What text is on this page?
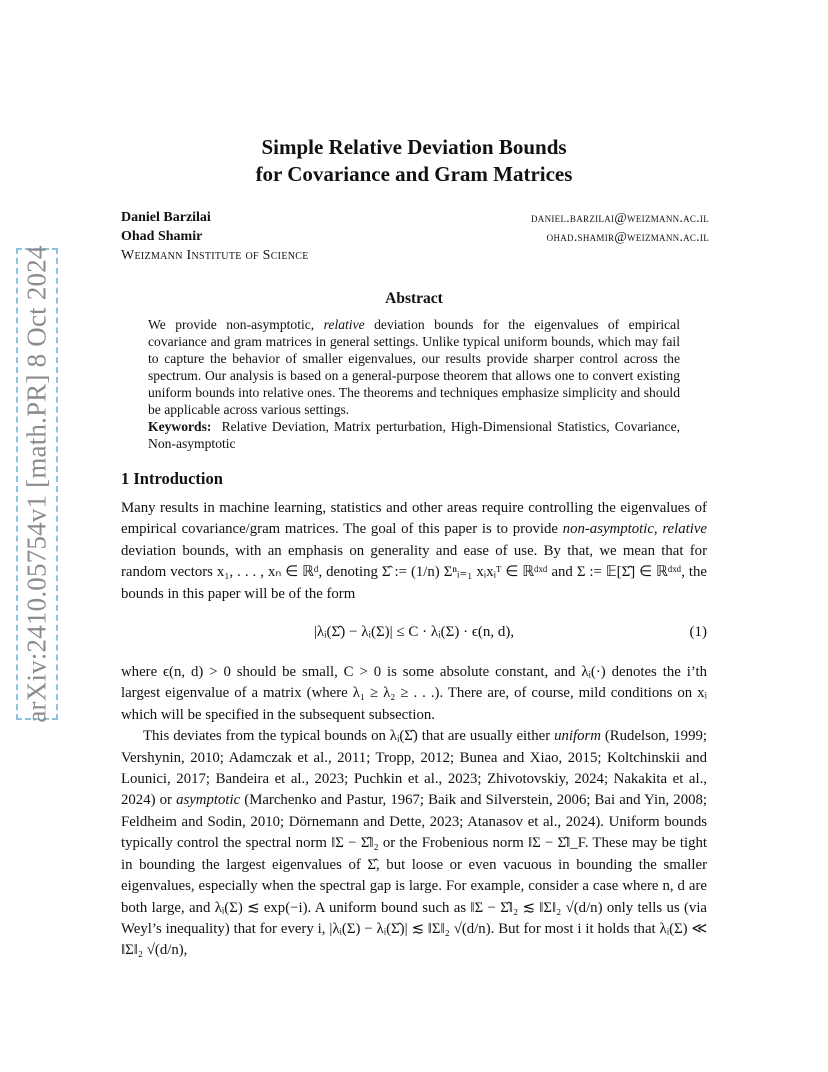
arXiv:2410.05754v1 [math.PR] 8 Oct 2024
Simple Relative Deviation Bounds
for Covariance and Gram Matrices
Daniel Barzilai	daniel.barzilai@weizmann.ac.il
Ohad Shamir	ohad.shamir@weizmann.ac.il
Weizmann Institute of Science
Abstract

We provide non-asymptotic, relative deviation bounds for the eigenvalues of empirical covariance and gram matrices in general settings. Unlike typical uniform bounds, which may fail to capture the behavior of smaller eigenvalues, our results provide sharper control across the spectrum. Our analysis is based on a general-purpose theorem that allows one to convert existing uniform bounds into relative ones. The theorems and techniques emphasize simplicity and should be applicable across various settings.

Keywords: Relative Deviation, Matrix perturbation, High-Dimensional Statistics, Covariance, Non-asymptotic

1 Introduction

Many results in machine learning, statistics and other areas require controlling the eigenvalues of empirical covariance/gram matrices. The goal of this paper is to provide non-asymptotic, relative deviation bounds, with an emphasis on generality and ease of use. By that, we mean that for random vectors x₁, . . . , xₙ ∈ ℝᵈ, denoting Σ̂ := (1/n) Σⁿᵢ₌₁ xᵢxᵢᵀ ∈ ℝᵈˣᵈ and Σ := 𝔼[Σ̂] ∈ ℝᵈˣᵈ, the bounds in this paper will be of the form

|λᵢ(Σ̂) − λᵢ(Σ)| ≤ C · λᵢ(Σ) · ϵ(n, d),	(1)

where ϵ(n, d) > 0 should be small, C > 0 is some absolute constant, and λᵢ(·) denotes the i’th largest eigenvalue of a matrix (where λ₁ ≥ λ₂ ≥ . . .). There are, of course, mild conditions on xᵢ which will be specified in the subsequent subsection.

This deviates from the typical bounds on λᵢ(Σ̂) that are usually either uniform (Rudelson, 1999; Vershynin, 2010; Adamczak et al., 2011; Tropp, 2012; Bunea and Xiao, 2015; Koltchinskii and Lounici, 2017; Bandeira et al., 2023; Puchkin et al., 2023; Zhivotovskiy, 2024; Nakakita et al., 2024) or asymptotic (Marchenko and Pastur, 1967; Baik and Silverstein, 2006; Bai and Yin, 2008; Feldheim and Sodin, 2010; Dörnemann and Dette, 2023; Atanasov et al., 2024). Uniform bounds typically control the spectral norm ‖Σ − Σ̂‖₂ or the Frobenious norm ‖Σ − Σ̂‖_F. These may be tight in bounding the largest eigenvalues of Σ̂, but loose or even vacuous in bounding the smaller eigenvalues, especially when the spectral gap is large. For example, consider a case where n, d are both large, and λᵢ(Σ) ≲ exp(−i). A uniform bound such as ‖Σ − Σ̂‖₂ ≲ ‖Σ‖₂ √(d/n) only tells us (via Weyl’s inequality) that for every i, |λᵢ(Σ) − λᵢ(Σ̂)| ≲ ‖Σ‖₂ √(d/n). But for most i it holds that λᵢ(Σ) ≪ ‖Σ‖₂ √(d/n),
